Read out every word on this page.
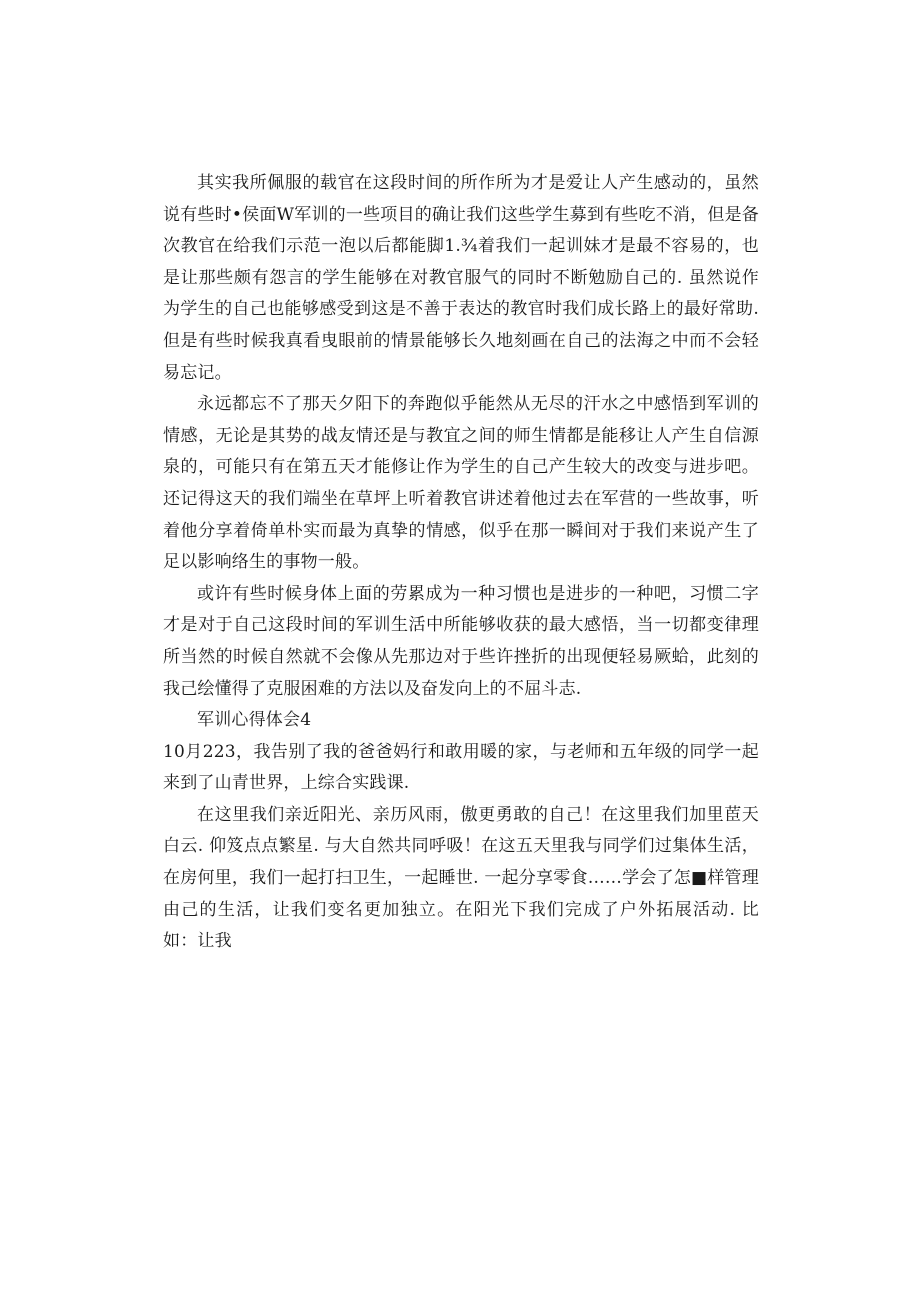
其实我所佩服的载官在这段时间的所作所为才是爱让人产生感动的，虽然说有些时•侯面W军训的一些项目的确让我们这些学生募到有些吃不消，但是备次教官在给我们示范一泡以后都能脚1.¾着我们一起训妹才是最不容易的，也是让那些颇有怨言的学生能够在对教官服气的同时不断勉励自己的. 虽然说作为学生的自己也能够感受到这是不善于表达的教官时我们成长路上的最好常助. 但是有些时候我真看曳眼前的情景能够长久地刻画在自己的法海之中而不会轻易忘记。

永远都忘不了那天夕阳下的奔跑似乎能然从无尽的汗水之中感悟到军训的情感，无论是其势的战友情还是与教宜之间的师生情都是能移让人产生自信源泉的，可能只有在第五天才能修让作为学生的自己产生较大的改变与进步吧。还记得这天的我们端坐在草坪上听着教官讲述着他过去在军营的一些故事，听着他分享着倚单朴实而最为真挚的情感，似乎在那一瞬间对于我们来说产生了足以影响络生的事物一般。

或许有些时候身体上面的劳累成为一种习惯也是进步的一种吧，习惯二字才是对于自己这段时间的军训生活中所能够收获的最大感悟，当一切都变律理所当然的时候自然就不会像从先那边对于些许挫折的出现便轻易厥蛤，此刻的我己绘懂得了克服困难的方法以及奋发向上的不屈斗志.

军训心得体会4

10月223，我告别了我的爸爸妈行和敢用暖的家，与老师和五年级的同学一起来到了山青世界，上综合实践课.

在这里我们亲近阳光、亲历风雨，傲更勇敢的自己！在这里我们加里茞天白云. 仰笈点点繁星. 与大自然共同呼吸！在这五天里我与同学们过集体生活，在房何里，我们一起打扫卫生，一起睡世. 一起分享零食……学会了怎■样管理由己的生活，让我们变名更加独立。在阳光下我们完成了户外拓展活动. 比如：让我
